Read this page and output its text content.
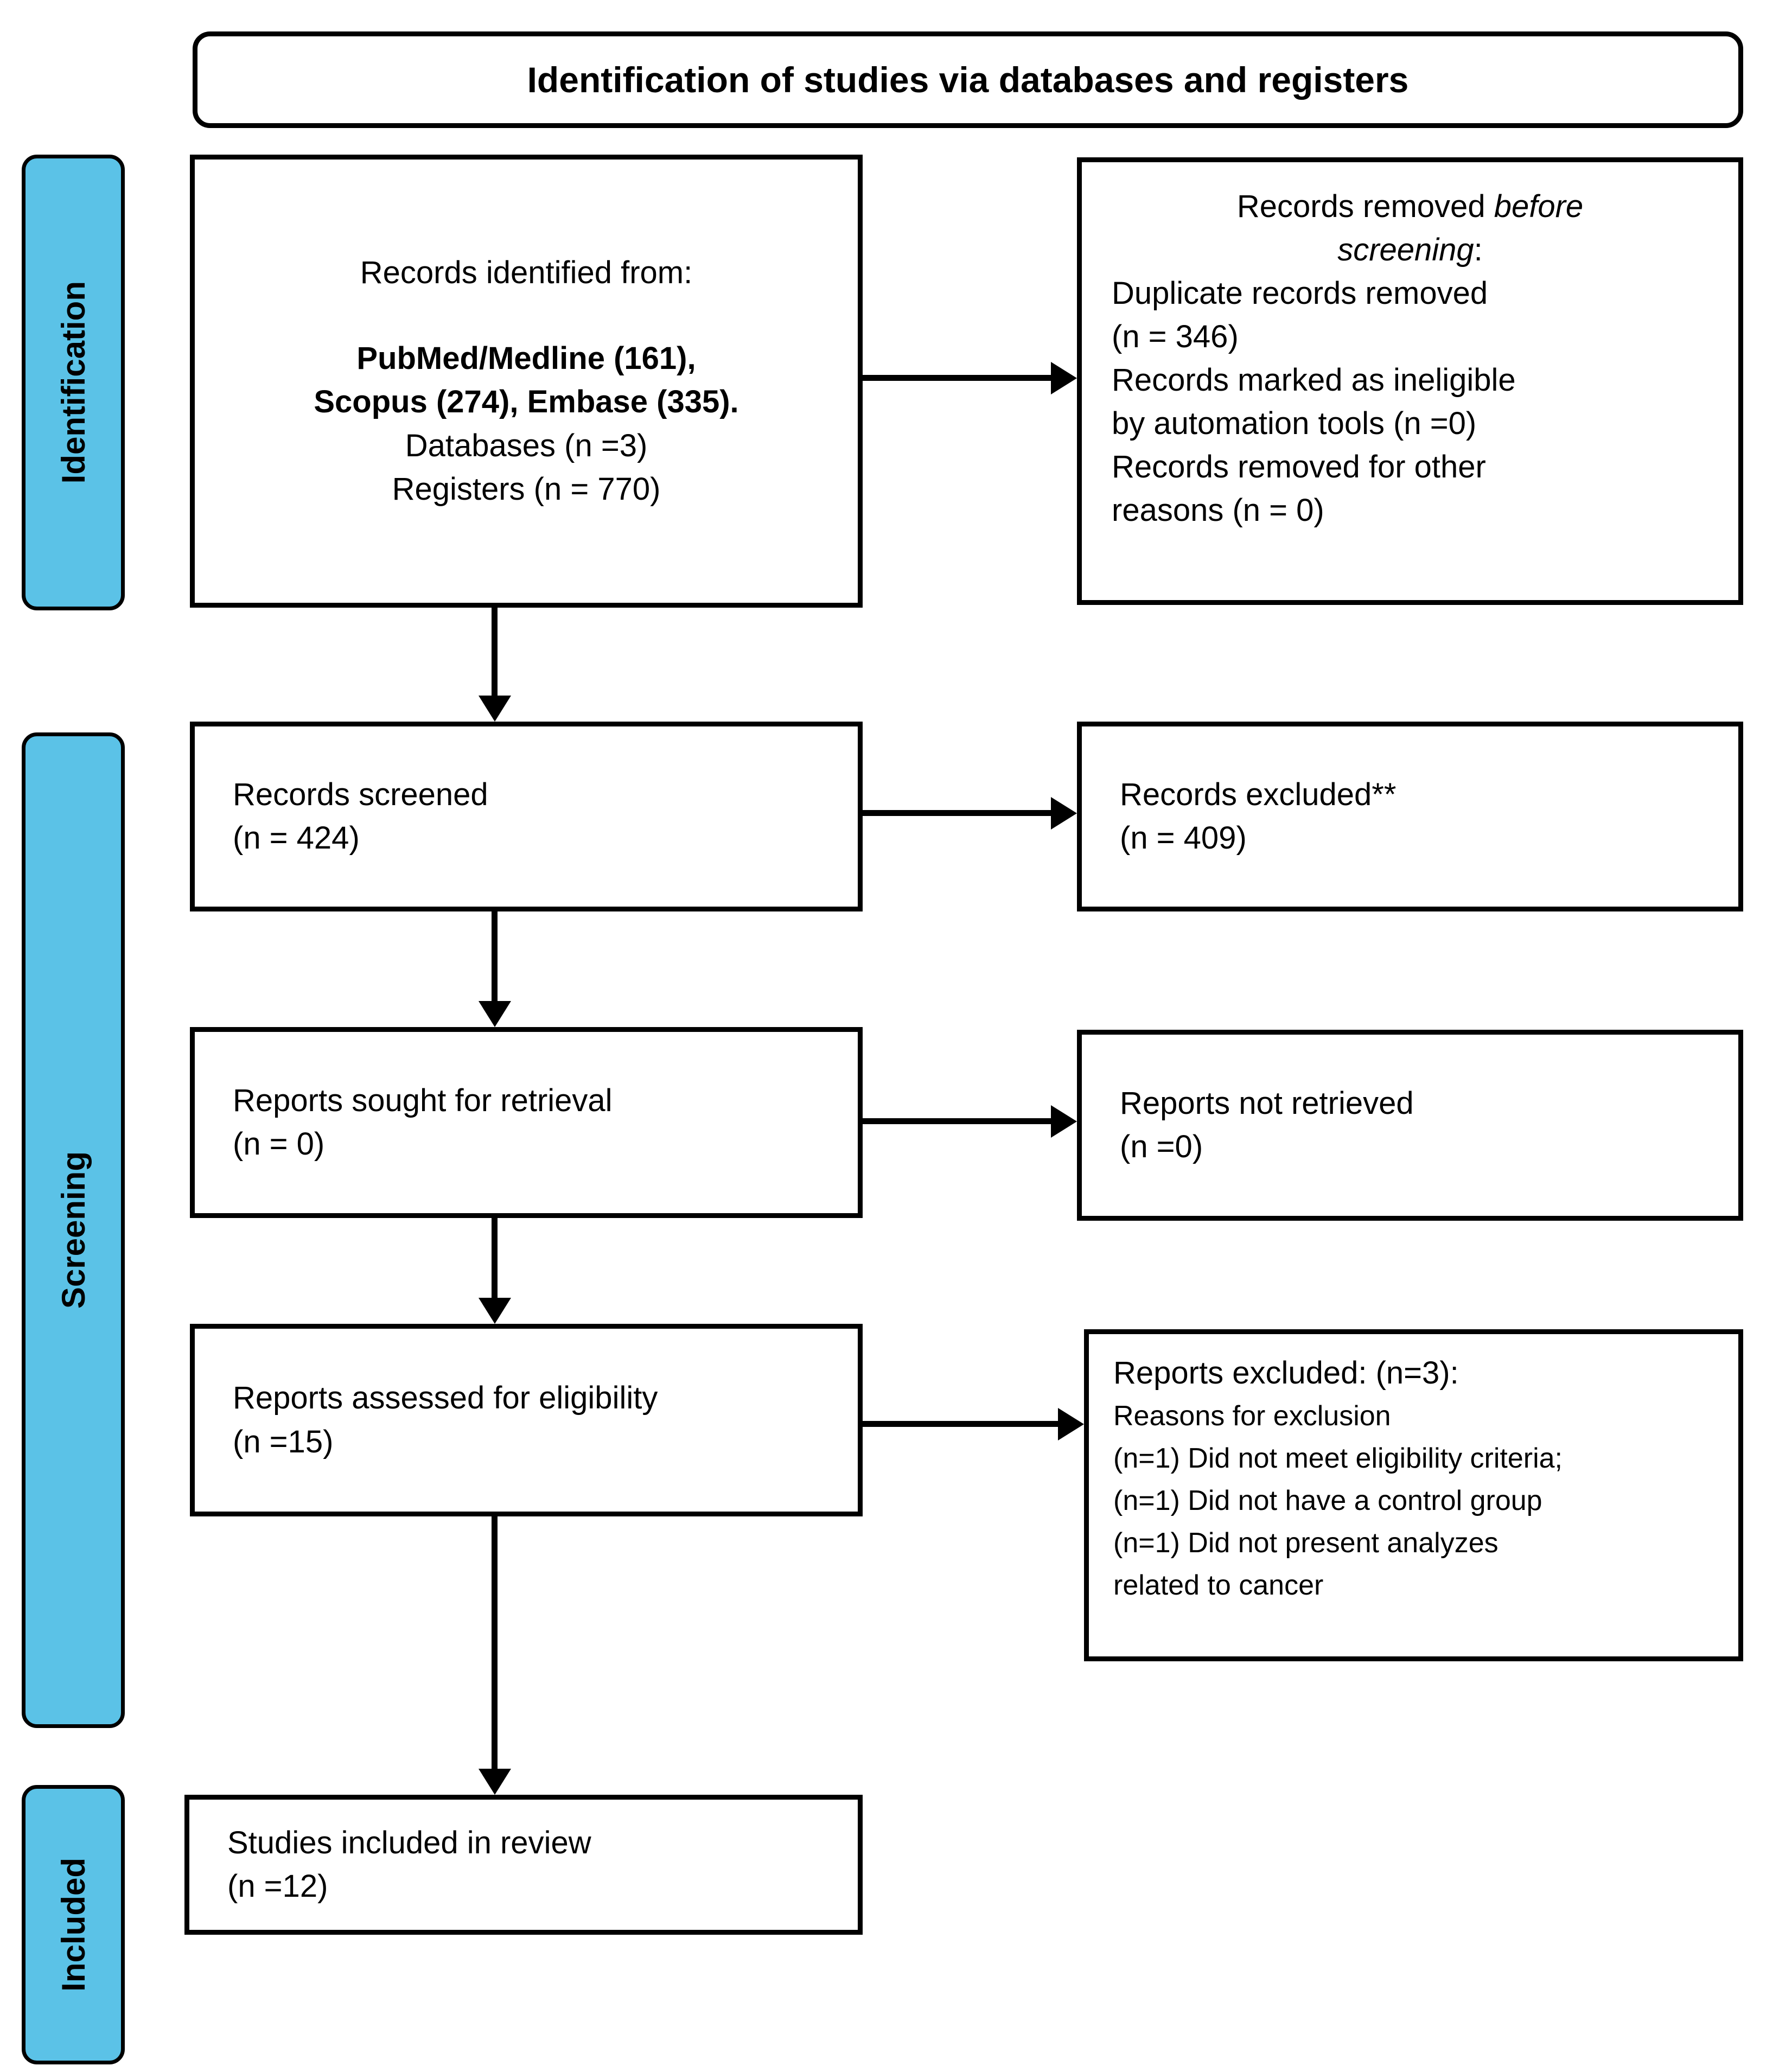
Identification of studies via databases and registers
Identification
Screening
Included
Records identified from:
PubMed/Medline (161),
Scopus (274), Embase (335).
Databases (n =3)
Registers (n = 770)
Records removed before
screening:
Duplicate records removed
(n = 346)
Records marked as ineligible
by automation tools (n =0)
Records removed for other
reasons (n = 0)
Records screened
(n = 424)
Records excluded**
(n = 409)
Reports sought for retrieval
(n = 0)
Reports not retrieved
(n =0)
Reports assessed for eligibility
(n =15)
Reports excluded: (n=3):
Reasons for exclusion
(n=1) Did not meet eligibility criteria;
(n=1) Did not have a control group
(n=1) Did not present analyzes
related to cancer
Studies included in review
(n =12)
